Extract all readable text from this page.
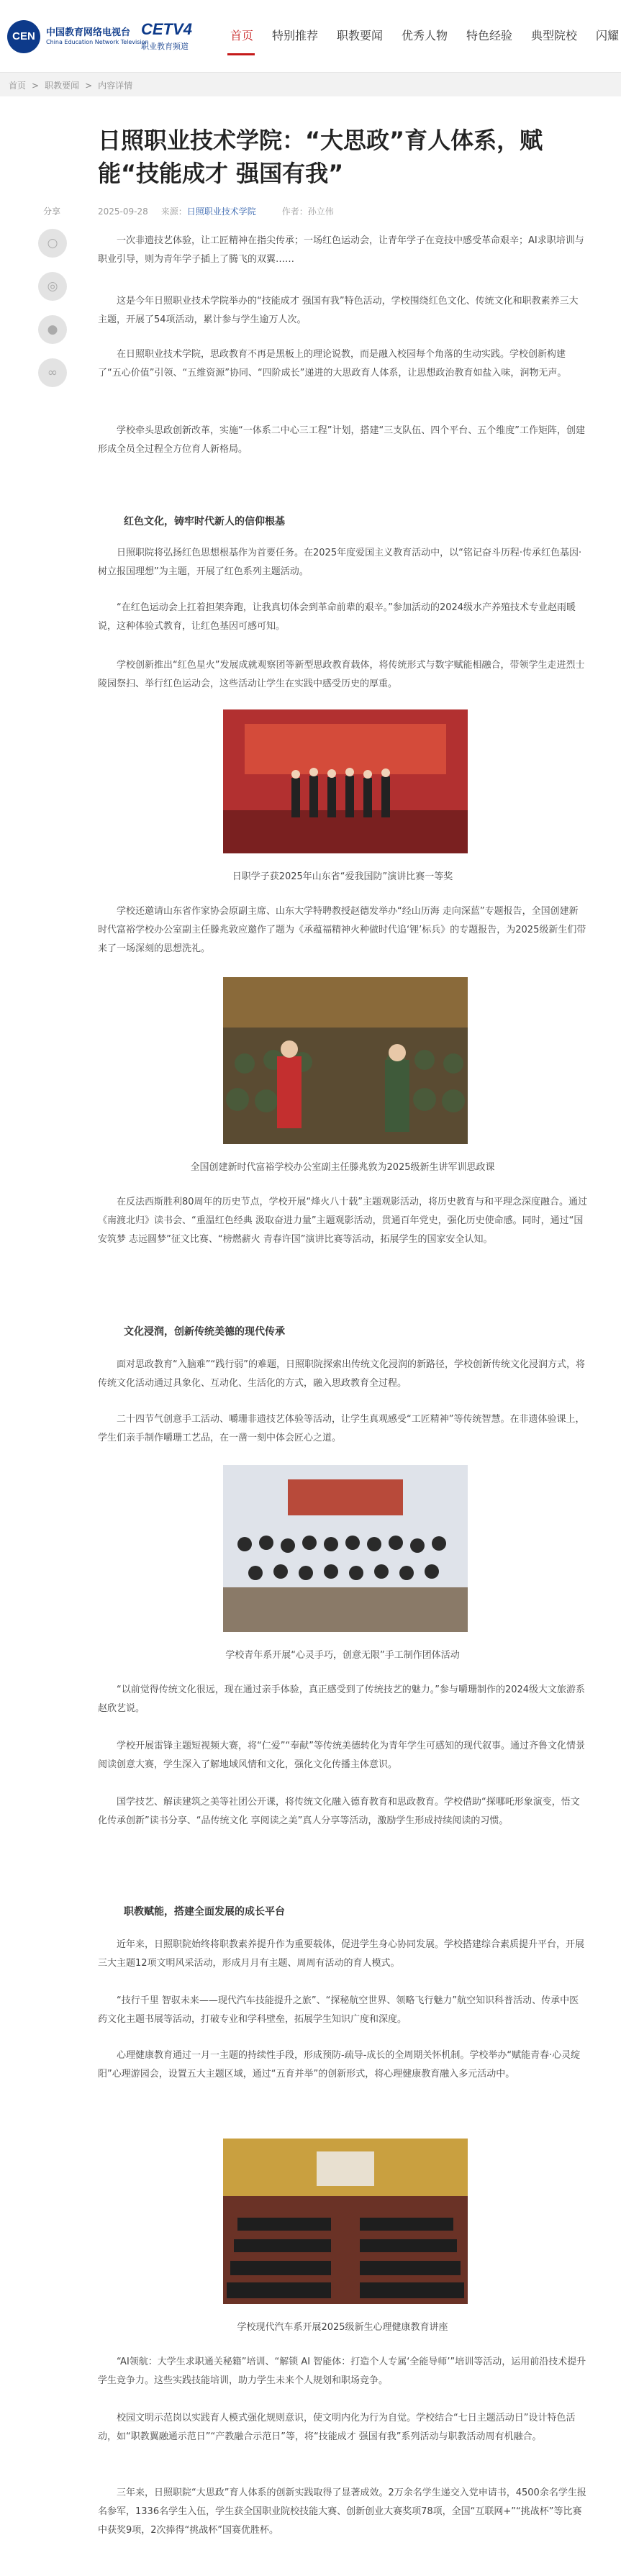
CEN	中国教育网络电视台
China Education Network Television
CETV4
职业教育频道
首页 特别推荐 职教要闻 优秀人物 特色经验 典型院校 闪耀
首页 > 职教要闻 > 内容详情
日照职业技术学院：“大思政”育人体系，赋能“技能成才 强国有我”
分享
○
◎
●
∞
2025-09-28 来源：日照职业技术学院	作者：孙立伟
一次非遗技艺体验，让工匠精神在指尖传承；一场红色运动会，让青年学子在竞技中感受革命艰辛；AI求职培训与职业引导，则为青年学子插上了腾飞的双翼……
这是今年日照职业技术学院举办的“技能成才 强国有我”特色活动，学校围绕红色文化、传统文化和职教素养三大主题，开展了54项活动，累计参与学生逾万人次。
在日照职业技术学院，思政教育不再是黑板上的理论说教，而是融入校园每个角落的生动实践。学校创新构建了“五心价值”引领、“五维资源”协同、“四阶成长”递进的大思政育人体系，让思想政治教育如盐入味，润物无声。
学校牵头思政创新改革，实施“一体系二中心三工程”计划，搭建“三支队伍、四个平台、五个维度”工作矩阵，创建形成全员全过程全方位育人新格局。
红色文化，铸牢时代新人的信仰根基
日照职院将弘扬红色思想根基作为首要任务。在2025年度爱国主义教育活动中，以“铭记奋斗历程·传承红色基因·树立报国理想”为主题，开展了红色系列主题活动。
“在红色运动会上扛着担架奔跑，让我真切体会到革命前辈的艰辛。”参加活动的2024级水产养殖技术专业赵雨暖说，这种体验式教育，让红色基因可感可知。
学校创新推出“红色星火”发展成就观察团等新型思政教育载体，将传统形式与数字赋能相融合，带领学生走进烈士陵园祭扫、举行红色运动会，这些活动让学生在实践中感受历史的厚重。
日职学子获2025年山东省“爱我国防”演讲比赛一等奖
学校还邀请山东省作家协会原副主席、山东大学特聘教授赵德发举办“经山历海 走向深蓝”专题报告，全国创建新时代富裕学校办公室副主任滕兆敦应邀作了题为《承蕴福精神火种做时代追‘锂’标兵》的专题报告，为2025级新生们带来了一场深刻的思想洗礼。
全国创建新时代富裕学校办公室副主任滕兆敦为2025级新生讲军训思政课
在反法西斯胜利80周年的历史节点，学校开展“烽火八十载”主题观影活动，将历史教育与和平理念深度融合。通过《南渡北归》读书会、“重温红色经典 汲取奋进力量”主题观影活动，贯通百年党史，强化历史使命感。同时，通过“国安筑梦 志远圆梦”征文比赛、“榜燃薪火 青春许国”演讲比赛等活动，拓展学生的国家安全认知。
文化浸润，创新传统美德的现代传承
面对思政教育“入脑难”“践行弱”的难题，日照职院探索出传统文化浸润的新路径，学校创新传统文化浸润方式，将传统文化活动通过具象化、互动化、生活化的方式，融入思政教育全过程。
二十四节气创意手工活动、嚼珊非遗技艺体验等活动，让学生真观感受“工匠精神”等传统智慧。在非遗体验课上，学生们亲手制作嚼珊工艺品，在一凿一刻中体会匠心之道。
学校青年系开展“心灵手巧，创意无限”手工制作团体活动
“以前觉得传统文化很远，现在通过亲手体验，真正感受到了传统技艺的魅力。”参与嚼珊制作的2024级大文旅游系赵欣艺说。
学校开展雷锋主题短视频大赛，将“仁爱”“奉献”等传统美德转化为青年学生可感知的现代叙事。通过齐鲁文化情景阅读创意大赛，学生深入了解地域风情和文化，强化文化传播主体意识。
国学技艺、解读建筑之美等社团公开课，将传统文化融入德育教育和思政教育。学校借助“探哪吒形象演变，悟文化传承创新”读书分享、“品传统文化 享阅读之美”真人分享等活动，激励学生形成持续阅读的习惯。
职教赋能，搭建全面发展的成长平台
近年来，日照职院始终将职教素养提升作为重要载体，促进学生身心协同发展。学校搭建综合素质提升平台，开展三大主题12项文明风采活动，形成月月有主题、周周有活动的育人模式。
“技行千里 智驭未来——现代汽车技能提升之旅”、“探秘航空世界、领略飞行魅力”航空知识科普活动、传承中医药文化主题书展等活动，打破专业和学科壁垒，拓展学生知识广度和深度。
心理健康教育通过一月一主题的持续性手段，形成预防-疏导-成长的全周期关怀机制。学校举办“赋能青春·心灵绽阳”心理游园会，设置五大主题区域，通过“五育并举”的创新形式，将心理健康教育融入多元活动中。
学校现代汽车系开展2025级新生心理健康教育讲座
“AI领航：大学生求职通关秘籍”培训、“解锁 AI 智能体：打造个人专属‘全能导师’”培训等活动，运用前沿技术提升学生竞争力。这些实践技能培训，助力学生未来个人规划和职场竞争。
校园文明示范岗以实践育人模式强化规则意识，使文明内化为行为自觉。学校结合“七日主题活动日”设计特色活动，如“职教翼融通示范日”“产教融合示范日”等，将“技能成才 强国有我”系列活动与职教活动周有机融合。
三年来，日照职院“大思政”育人体系的创新实践取得了显著成效。2万余名学生递交入党申请书，4500余名学生报名参军，1336名学生入伍，学生获全国职业院校技能大赛、创新创业大赛奖项78项，全国“互联网+”“挑战杯”等比赛中获奖9项，2次捧得“挑战杯”国赛优胜杯。
